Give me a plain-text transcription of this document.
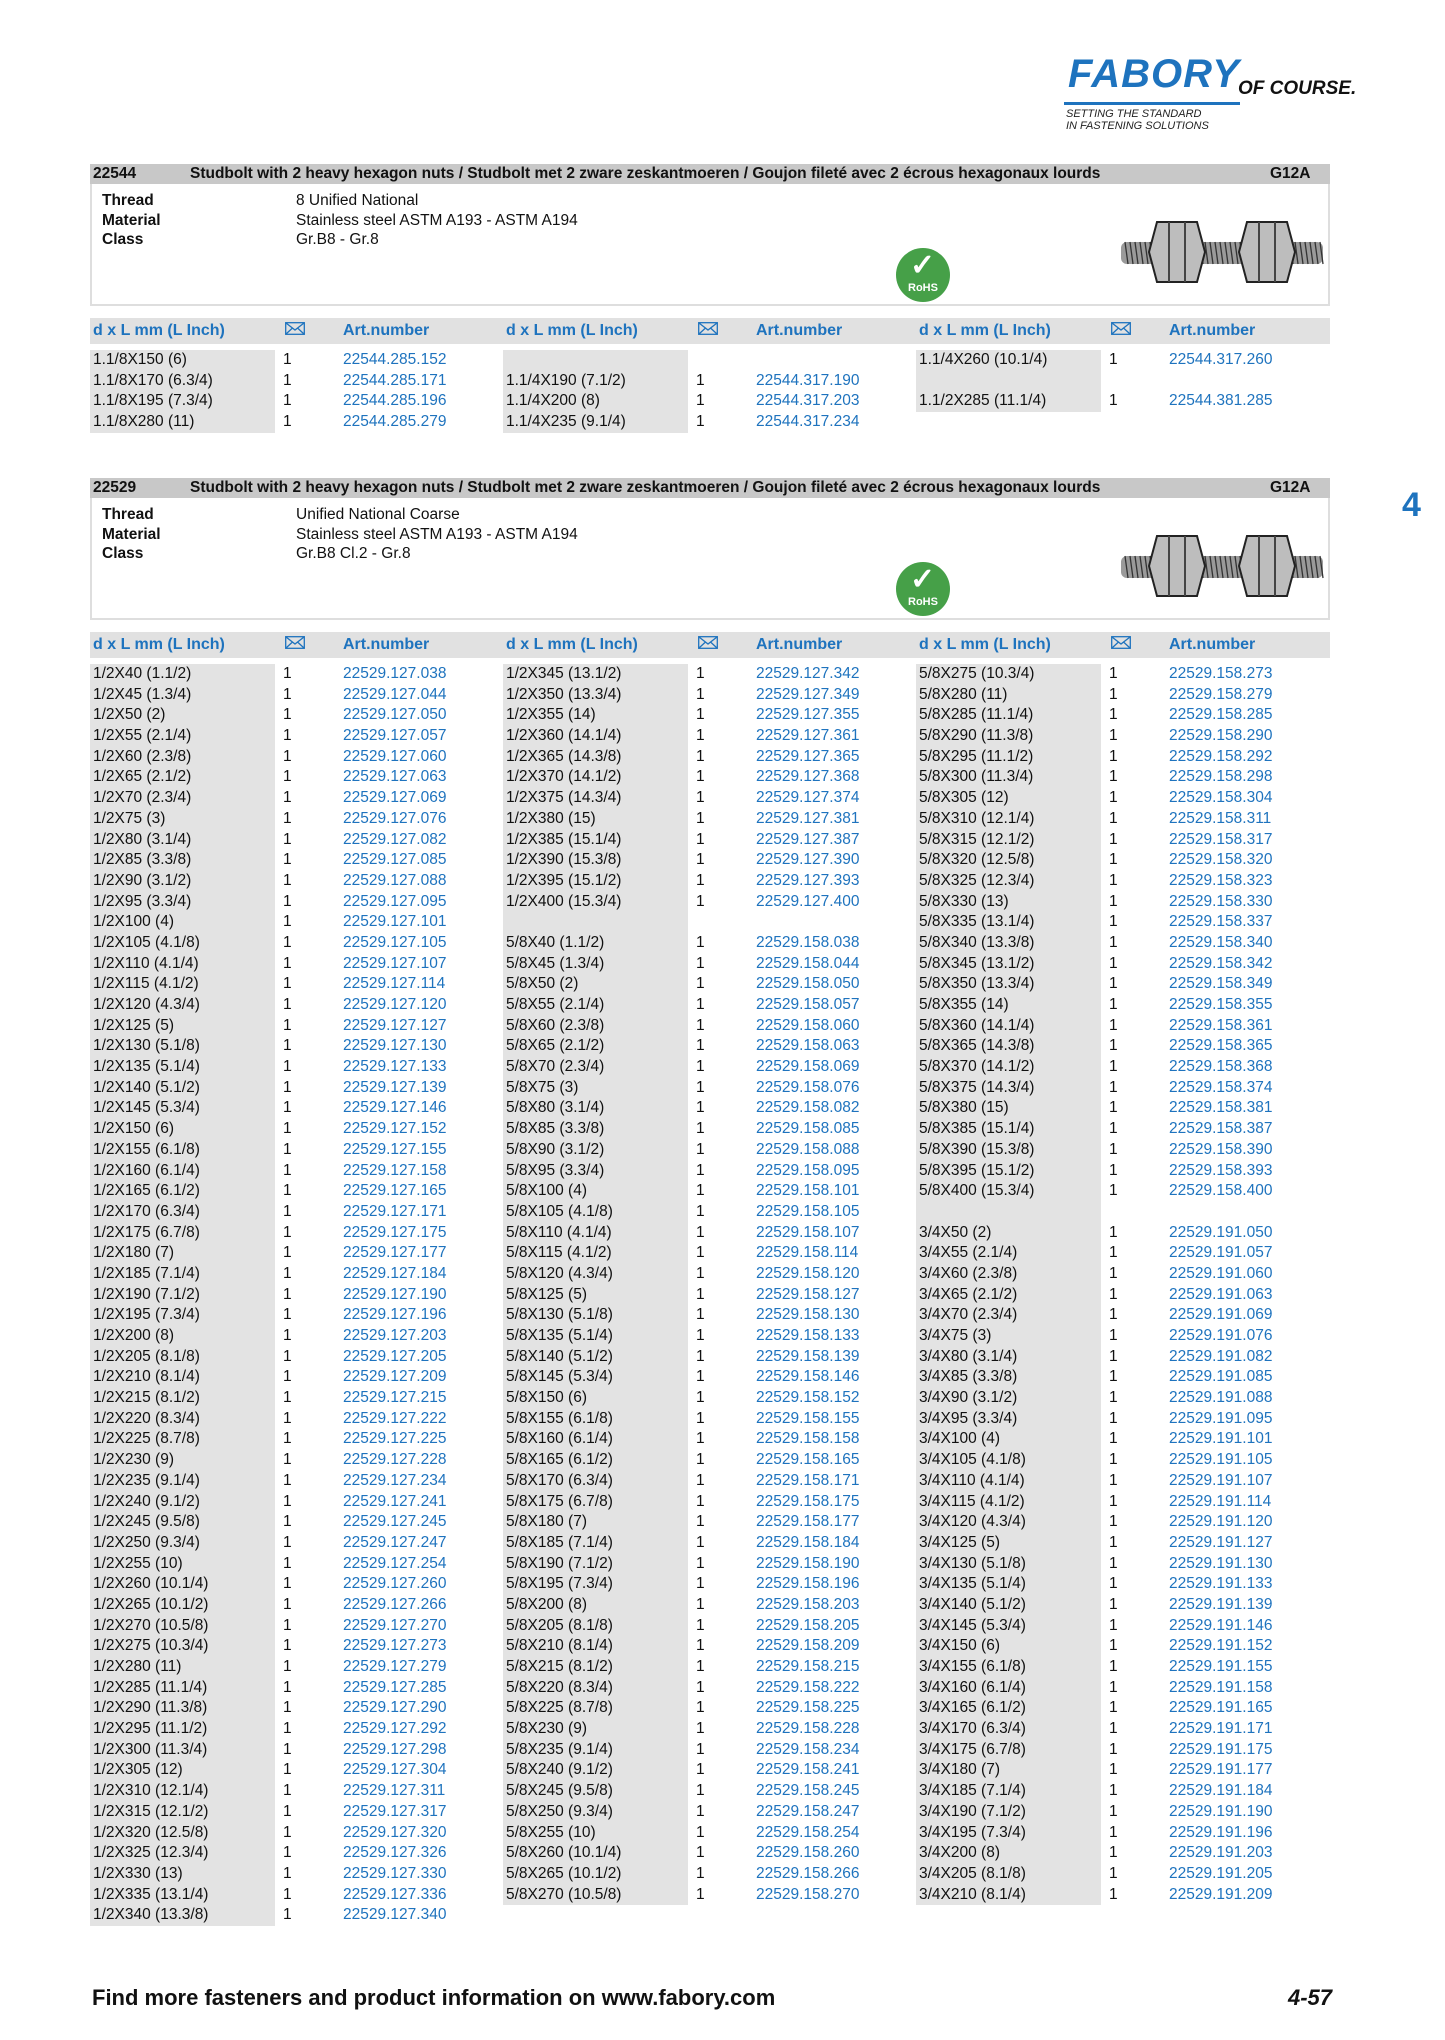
FABORY
OF COURSE.
SETTING THE STANDARD
IN FASTENING SOLUTIONS
4
22544	Studbolt with 2 heavy hexagon nuts / Studbolt met 2 zware zeskantmoeren / Goujon fileté avec 2 écrous hexagonaux lourds	G12A
Thread	8 Unified National
Material	Stainless steel ASTM A193 - ASTM A194
Class	Gr.B8 - Gr.8
✓
RoHS
d x L mm (L Inch)	Art.number	d x L mm (L Inch)	Art.number	d x L mm (L Inch)	Art.number
1.1/8X150 (6)	1	22544.285.152
1.1/8X170 (6.3/4)	1	22544.285.171
1.1/8X195 (7.3/4)	1	22544.285.196
1.1/8X280 (11)	1	22544.285.279
1.1/4X190 (7.1/2)	1	22544.317.190
1.1/4X200 (8)	1	22544.317.203
1.1/4X235 (9.1/4)	1	22544.317.234
1.1/4X260 (10.1/4)	1	22544.317.260
1.1/2X285 (11.1/4)	1	22544.381.285
22529	Studbolt with 2 heavy hexagon nuts / Studbolt met 2 zware zeskantmoeren / Goujon fileté avec 2 écrous hexagonaux lourds	G12A
Thread	Unified National Coarse
Material	Stainless steel ASTM A193 - ASTM A194
Class	Gr.B8 Cl.2 - Gr.8
✓
RoHS
d x L mm (L Inch)	Art.number	d x L mm (L Inch)	Art.number	d x L mm (L Inch)	Art.number
1/2X40 (1.1/2)	1	22529.127.038
1/2X45 (1.3/4)	1	22529.127.044
1/2X50 (2)	1	22529.127.050
1/2X55 (2.1/4)	1	22529.127.057
1/2X60 (2.3/8)	1	22529.127.060
1/2X65 (2.1/2)	1	22529.127.063
1/2X70 (2.3/4)	1	22529.127.069
1/2X75 (3)	1	22529.127.076
1/2X80 (3.1/4)	1	22529.127.082
1/2X85 (3.3/8)	1	22529.127.085
1/2X90 (3.1/2)	1	22529.127.088
1/2X95 (3.3/4)	1	22529.127.095
1/2X100 (4)	1	22529.127.101
1/2X105 (4.1/8)	1	22529.127.105
1/2X110 (4.1/4)	1	22529.127.107
1/2X115 (4.1/2)	1	22529.127.114
1/2X120 (4.3/4)	1	22529.127.120
1/2X125 (5)	1	22529.127.127
1/2X130 (5.1/8)	1	22529.127.130
1/2X135 (5.1/4)	1	22529.127.133
1/2X140 (5.1/2)	1	22529.127.139
1/2X145 (5.3/4)	1	22529.127.146
1/2X150 (6)	1	22529.127.152
1/2X155 (6.1/8)	1	22529.127.155
1/2X160 (6.1/4)	1	22529.127.158
1/2X165 (6.1/2)	1	22529.127.165
1/2X170 (6.3/4)	1	22529.127.171
1/2X175 (6.7/8)	1	22529.127.175
1/2X180 (7)	1	22529.127.177
1/2X185 (7.1/4)	1	22529.127.184
1/2X190 (7.1/2)	1	22529.127.190
1/2X195 (7.3/4)	1	22529.127.196
1/2X200 (8)	1	22529.127.203
1/2X205 (8.1/8)	1	22529.127.205
1/2X210 (8.1/4)	1	22529.127.209
1/2X215 (8.1/2)	1	22529.127.215
1/2X220 (8.3/4)	1	22529.127.222
1/2X225 (8.7/8)	1	22529.127.225
1/2X230 (9)	1	22529.127.228
1/2X235 (9.1/4)	1	22529.127.234
1/2X240 (9.1/2)	1	22529.127.241
1/2X245 (9.5/8)	1	22529.127.245
1/2X250 (9.3/4)	1	22529.127.247
1/2X255 (10)	1	22529.127.254
1/2X260 (10.1/4)	1	22529.127.260
1/2X265 (10.1/2)	1	22529.127.266
1/2X270 (10.5/8)	1	22529.127.270
1/2X275 (10.3/4)	1	22529.127.273
1/2X280 (11)	1	22529.127.279
1/2X285 (11.1/4)	1	22529.127.285
1/2X290 (11.3/8)	1	22529.127.290
1/2X295 (11.1/2)	1	22529.127.292
1/2X300 (11.3/4)	1	22529.127.298
1/2X305 (12)	1	22529.127.304
1/2X310 (12.1/4)	1	22529.127.311
1/2X315 (12.1/2)	1	22529.127.317
1/2X320 (12.5/8)	1	22529.127.320
1/2X325 (12.3/4)	1	22529.127.326
1/2X330 (13)	1	22529.127.330
1/2X335 (13.1/4)	1	22529.127.336
1/2X340 (13.3/8)	1	22529.127.340
1/2X345 (13.1/2)	1	22529.127.342
1/2X350 (13.3/4)	1	22529.127.349
1/2X355 (14)	1	22529.127.355
1/2X360 (14.1/4)	1	22529.127.361
1/2X365 (14.3/8)	1	22529.127.365
1/2X370 (14.1/2)	1	22529.127.368
1/2X375 (14.3/4)	1	22529.127.374
1/2X380 (15)	1	22529.127.381
1/2X385 (15.1/4)	1	22529.127.387
1/2X390 (15.3/8)	1	22529.127.390
1/2X395 (15.1/2)	1	22529.127.393
1/2X400 (15.3/4)	1	22529.127.400
5/8X40 (1.1/2)	1	22529.158.038
5/8X45 (1.3/4)	1	22529.158.044
5/8X50 (2)	1	22529.158.050
5/8X55 (2.1/4)	1	22529.158.057
5/8X60 (2.3/8)	1	22529.158.060
5/8X65 (2.1/2)	1	22529.158.063
5/8X70 (2.3/4)	1	22529.158.069
5/8X75 (3)	1	22529.158.076
5/8X80 (3.1/4)	1	22529.158.082
5/8X85 (3.3/8)	1	22529.158.085
5/8X90 (3.1/2)	1	22529.158.088
5/8X95 (3.3/4)	1	22529.158.095
5/8X100 (4)	1	22529.158.101
5/8X105 (4.1/8)	1	22529.158.105
5/8X110 (4.1/4)	1	22529.158.107
5/8X115 (4.1/2)	1	22529.158.114
5/8X120 (4.3/4)	1	22529.158.120
5/8X125 (5)	1	22529.158.127
5/8X130 (5.1/8)	1	22529.158.130
5/8X135 (5.1/4)	1	22529.158.133
5/8X140 (5.1/2)	1	22529.158.139
5/8X145 (5.3/4)	1	22529.158.146
5/8X150 (6)	1	22529.158.152
5/8X155 (6.1/8)	1	22529.158.155
5/8X160 (6.1/4)	1	22529.158.158
5/8X165 (6.1/2)	1	22529.158.165
5/8X170 (6.3/4)	1	22529.158.171
5/8X175 (6.7/8)	1	22529.158.175
5/8X180 (7)	1	22529.158.177
5/8X185 (7.1/4)	1	22529.158.184
5/8X190 (7.1/2)	1	22529.158.190
5/8X195 (7.3/4)	1	22529.158.196
5/8X200 (8)	1	22529.158.203
5/8X205 (8.1/8)	1	22529.158.205
5/8X210 (8.1/4)	1	22529.158.209
5/8X215 (8.1/2)	1	22529.158.215
5/8X220 (8.3/4)	1	22529.158.222
5/8X225 (8.7/8)	1	22529.158.225
5/8X230 (9)	1	22529.158.228
5/8X235 (9.1/4)	1	22529.158.234
5/8X240 (9.1/2)	1	22529.158.241
5/8X245 (9.5/8)	1	22529.158.245
5/8X250 (9.3/4)	1	22529.158.247
5/8X255 (10)	1	22529.158.254
5/8X260 (10.1/4)	1	22529.158.260
5/8X265 (10.1/2)	1	22529.158.266
5/8X270 (10.5/8)	1	22529.158.270
5/8X275 (10.3/4)	1	22529.158.273
5/8X280 (11)	1	22529.158.279
5/8X285 (11.1/4)	1	22529.158.285
5/8X290 (11.3/8)	1	22529.158.290
5/8X295 (11.1/2)	1	22529.158.292
5/8X300 (11.3/4)	1	22529.158.298
5/8X305 (12)	1	22529.158.304
5/8X310 (12.1/4)	1	22529.158.311
5/8X315 (12.1/2)	1	22529.158.317
5/8X320 (12.5/8)	1	22529.158.320
5/8X325 (12.3/4)	1	22529.158.323
5/8X330 (13)	1	22529.158.330
5/8X335 (13.1/4)	1	22529.158.337
5/8X340 (13.3/8)	1	22529.158.340
5/8X345 (13.1/2)	1	22529.158.342
5/8X350 (13.3/4)	1	22529.158.349
5/8X355 (14)	1	22529.158.355
5/8X360 (14.1/4)	1	22529.158.361
5/8X365 (14.3/8)	1	22529.158.365
5/8X370 (14.1/2)	1	22529.158.368
5/8X375 (14.3/4)	1	22529.158.374
5/8X380 (15)	1	22529.158.381
5/8X385 (15.1/4)	1	22529.158.387
5/8X390 (15.3/8)	1	22529.158.390
5/8X395 (15.1/2)	1	22529.158.393
5/8X400 (15.3/4)	1	22529.158.400
3/4X50 (2)	1	22529.191.050
3/4X55 (2.1/4)	1	22529.191.057
3/4X60 (2.3/8)	1	22529.191.060
3/4X65 (2.1/2)	1	22529.191.063
3/4X70 (2.3/4)	1	22529.191.069
3/4X75 (3)	1	22529.191.076
3/4X80 (3.1/4)	1	22529.191.082
3/4X85 (3.3/8)	1	22529.191.085
3/4X90 (3.1/2)	1	22529.191.088
3/4X95 (3.3/4)	1	22529.191.095
3/4X100 (4)	1	22529.191.101
3/4X105 (4.1/8)	1	22529.191.105
3/4X110 (4.1/4)	1	22529.191.107
3/4X115 (4.1/2)	1	22529.191.114
3/4X120 (4.3/4)	1	22529.191.120
3/4X125 (5)	1	22529.191.127
3/4X130 (5.1/8)	1	22529.191.130
3/4X135 (5.1/4)	1	22529.191.133
3/4X140 (5.1/2)	1	22529.191.139
3/4X145 (5.3/4)	1	22529.191.146
3/4X150 (6)	1	22529.191.152
3/4X155 (6.1/8)	1	22529.191.155
3/4X160 (6.1/4)	1	22529.191.158
3/4X165 (6.1/2)	1	22529.191.165
3/4X170 (6.3/4)	1	22529.191.171
3/4X175 (6.7/8)	1	22529.191.175
3/4X180 (7)	1	22529.191.177
3/4X185 (7.1/4)	1	22529.191.184
3/4X190 (7.1/2)	1	22529.191.190
3/4X195 (7.3/4)	1	22529.191.196
3/4X200 (8)	1	22529.191.203
3/4X205 (8.1/8)	1	22529.191.205
3/4X210 (8.1/4)	1	22529.191.209
Find more fasteners and product information on www.fabory.com	4-57
